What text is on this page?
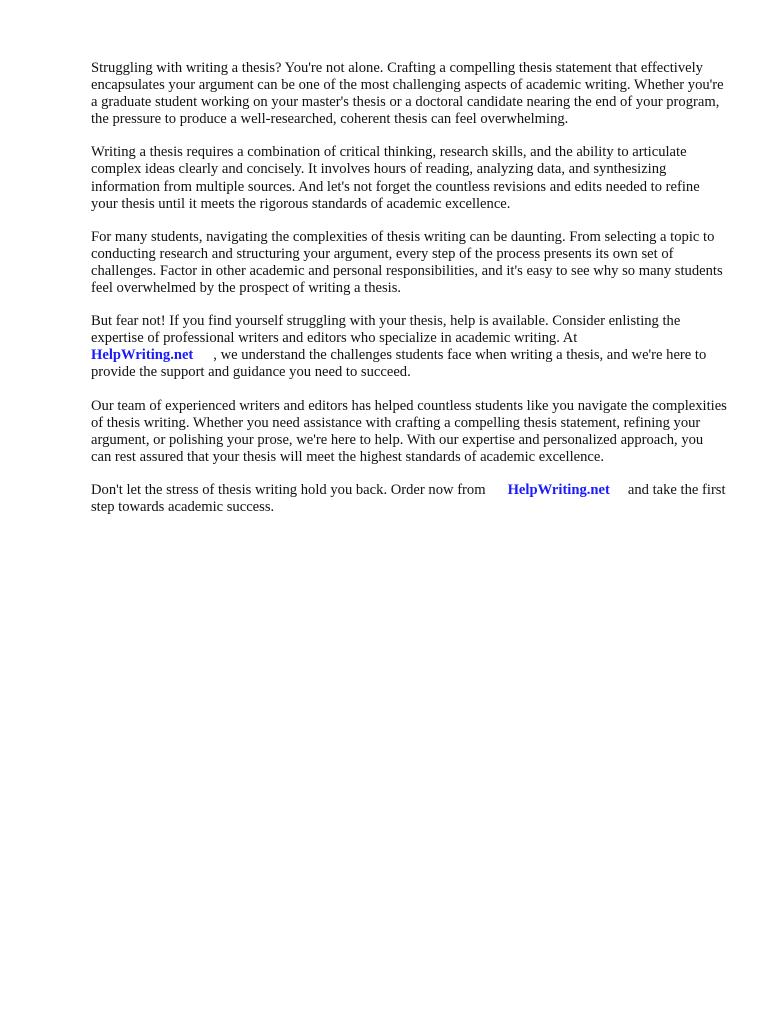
Struggling with writing a thesis? You're not alone. Crafting a compelling thesis statement that effectively encapsulates your argument can be one of the most challenging aspects of academic writing. Whether you're a graduate student working on your master's thesis or a doctoral candidate nearing the end of your program, the pressure to produce a well-researched, coherent thesis can feel overwhelming.

Writing a thesis requires a combination of critical thinking, research skills, and the ability to articulate complex ideas clearly and concisely. It involves hours of reading, analyzing data, and synthesizing information from multiple sources. And let's not forget the countless revisions and edits needed to refine your thesis until it meets the rigorous standards of academic excellence.

For many students, navigating the complexities of thesis writing can be daunting. From selecting a topic to conducting research and structuring your argument, every step of the process presents its own set of challenges. Factor in other academic and personal responsibilities, and it's easy to see why so many students feel overwhelmed by the prospect of writing a thesis.

But fear not! If you find yourself struggling with your thesis, help is available. Consider enlisting the expertise of professional writers and editors who specialize in academic writing. At
HelpWriting.net , we understand the challenges students face when writing a thesis, and we're here to provide the support and guidance you need to succeed.

Our team of experienced writers and editors has helped countless students like you navigate the complexities of thesis writing. Whether you need assistance with crafting a compelling thesis statement, refining your argument, or polishing your prose, we're here to help. With our expertise and personalized approach, you can rest assured that your thesis will meet the highest standards of academic excellence.

Don't let the stress of thesis writing hold you back. Order now from HelpWriting.net and take the first step towards academic success.
